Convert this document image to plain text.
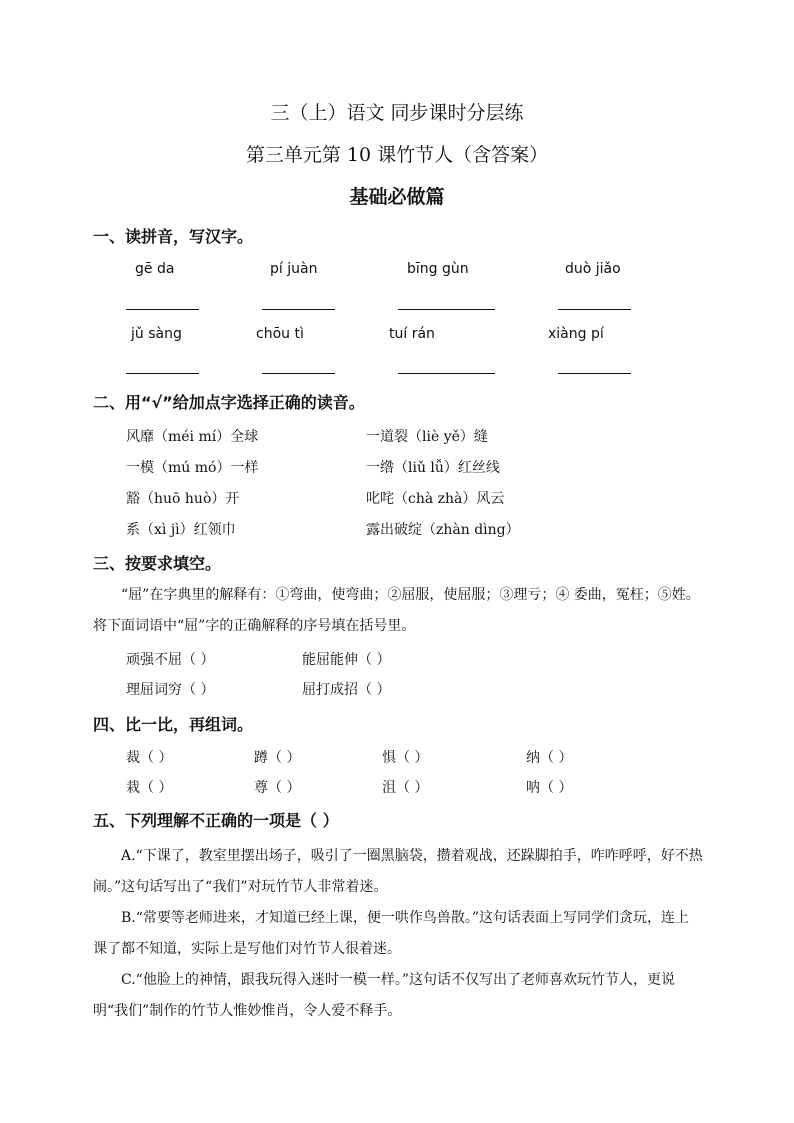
三（上）语文 同步课时分层练
第三单元第 10 课竹节人（含答案）
基础必做篇
一、读拼音，写汉字。
gē da	pí juàn	bīng gùn	duò jiǎo
jǔ sàng	chōu tì	tuí rán	xiàng pí
二、用“√”给加点字选择正确的读音。
风靡（méi mí）全球	一道裂（liè yě）缝
一模（mú mó）一样	一绺（liǔ lǚ）红丝线
豁（huō huò）开	叱咤（chà zhà）风云
系（xì jì）红领巾	露出破绽（zhàn dìng）
三、按要求填空。
“屈”在字典里的解释有：①弯曲，使弯曲；②屈服，使屈服；③理亏；④ 委曲，冤枉；⑤姓。将下面词语中“屈”字的正确解释的序号填在括号里。
顽强不屈（ ）	能屈能伸（ ）
理屈词穷（ ）	屈打成招（ ）
四、比一比，再组词。
裁（ ）	蹲（ ）	惧（ ）	纳（ ）
栽（ ）	尊（ ）	沮（ ）	呐（ ）
五、下列理解不正确的一项是（ ）
A.“下课了，教室里摆出场子，吸引了一圈黑脑袋，攒着观战，还跺脚拍手，咋咋呼呼，好不热闹。”这句话写出了“我们”对玩竹节人非常着迷。
B.“常要等老师进来，才知道已经上课，便一哄作鸟兽散。”这句话表面上写同学们贪玩，连上课了都不知道，实际上是写他们对竹节人很着迷。
C.“他脸上的神情，跟我玩得入迷时一模一样。”这句话不仅写出了老师喜欢玩竹节人，更说明“我们”制作的竹节人惟妙惟肖，令人爱不释手。
